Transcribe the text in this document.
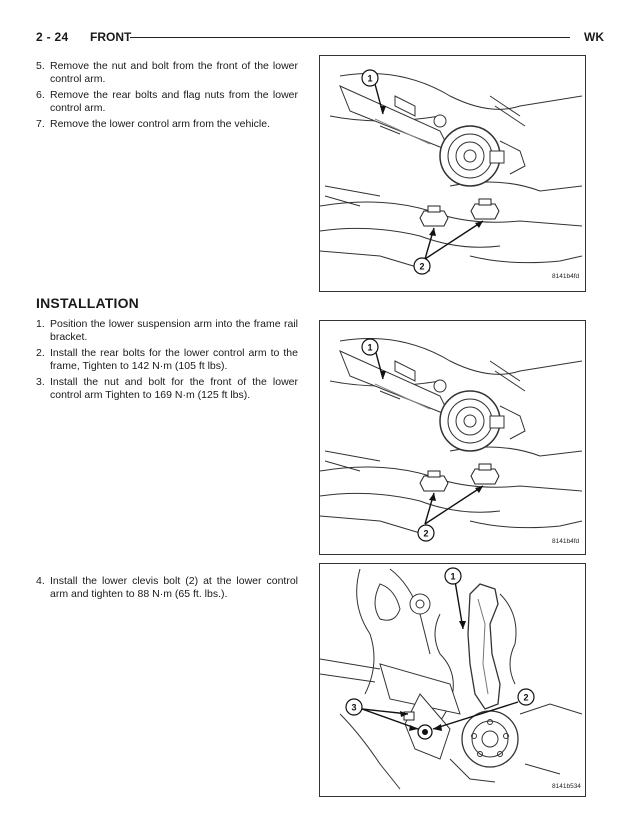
2 - 24 FRONT	WK
5. Remove the nut and bolt from the front of the lower control arm.
6. Remove the rear bolts and flag nuts from the lower control arm.
7. Remove the lower control arm from the vehicle.
INSTALLATION
1. Position the lower suspension arm into the frame rail bracket.
2. Install the rear bolts for the lower control arm to the frame, Tighten to 142 N·m (105 ft lbs).
3. Install the nut and bolt for the front of the lower control arm Tighten to 169 N·m (125 ft lbs).
4. Install the lower clevis bolt (2) at the lower control arm and tighten to 88 N·m (65 ft. lbs.).
1
2
8141b4fd
1
2
8141b4fd
1
2
3
8141b534
